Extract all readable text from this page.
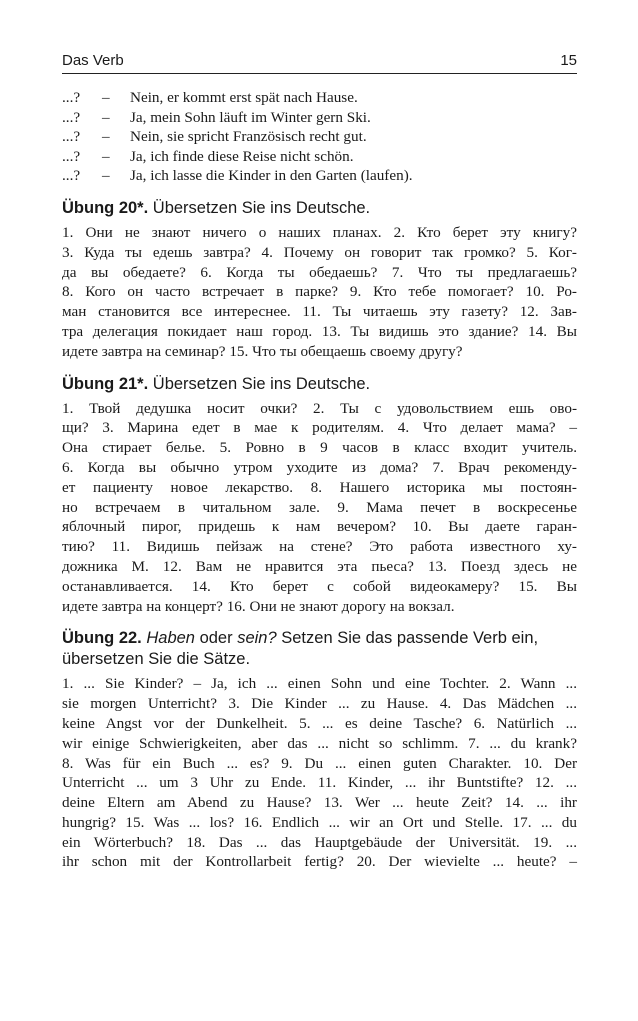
Das Verb	15
...?	–	Nein, er kommt erst spät nach Hause.
...?	–	Ja, mein Sohn läuft im Winter gern Ski.
...?	–	Nein, sie spricht Französisch recht gut.
...?	–	Ja, ich finde diese Reise nicht schön.
...?	–	Ja, ich lasse die Kinder in den Garten (laufen).
Übung 20*. Übersetzen Sie ins Deutsche.
1. Они не знают ничего о наших планах. 2. Кто берет эту книгу?
3. Куда ты едешь завтра? 4. Почему он говорит так громко? 5. Ког-
да вы обедаете? 6. Когда ты обедаешь? 7. Что ты предлагаешь?
8. Кого он часто встречает в парке? 9. Кто тебе помогает? 10. Ро-
ман становится все интереснее. 11. Ты читаешь эту газету? 12. Зав-
тра делегация покидает наш город. 13. Ты видишь это здание? 14. Вы
идете завтра на семинар? 15. Что ты обещаешь своему другу?
Übung 21*. Übersetzen Sie ins Deutsche.
1. Твой дедушка носит очки? 2. Ты с удовольствием ешь ово-
щи? 3. Марина едет в мае к родителям. 4. Что делает мама? –
Она стирает белье. 5. Ровно в 9 часов в класс входит учитель.
6. Когда вы обычно утром уходите из дома? 7. Врач рекоменду-
ет пациенту новое лекарство. 8. Нашего историка мы постоян-
но встречаем в читальном зале. 9. Мама печет в воскресенье
яблочный пирог, придешь к нам вечером? 10. Вы даете гаран-
тию? 11. Видишь пейзаж на стене? Это работа известного ху-
дожника М. 12. Вам не нравится эта пьеса? 13. Поезд здесь не
останавливается. 14. Кто берет с собой видеокамеру? 15. Вы
идете завтра на концерт? 16. Они не знают дорогу на вокзал.
Übung 22. Haben oder sein? Setzen Sie das passende Verb ein,
übersetzen Sie die Sätze.
1. ... Sie Kinder? – Ja, ich ... einen Sohn und eine Tochter. 2. Wann ...
sie morgen Unterricht? 3. Die Kinder ... zu Hause. 4. Das Mädchen ...
keine Angst vor der Dunkelheit. 5. ... es deine Tasche? 6. Natürlich ...
wir einige Schwierigkeiten, aber das ... nicht so schlimm. 7. ... du krank?
8. Was für ein Buch ... es? 9. Du ... einen guten Charakter. 10. Der
Unterricht ... um 3 Uhr zu Ende. 11. Kinder, ... ihr Buntstifte? 12. ...
deine Eltern am Abend zu Hause? 13. Wer ... heute Zeit? 14. ... ihr
hungrig? 15. Was ... los? 16. Endlich ... wir an Ort und Stelle. 17. ... du
ein Wörterbuch? 18. Das ... das Hauptgebäude der Universität. 19. ...
ihr schon mit der Kontrollarbeit fertig? 20. Der wievielte ... heute? –
